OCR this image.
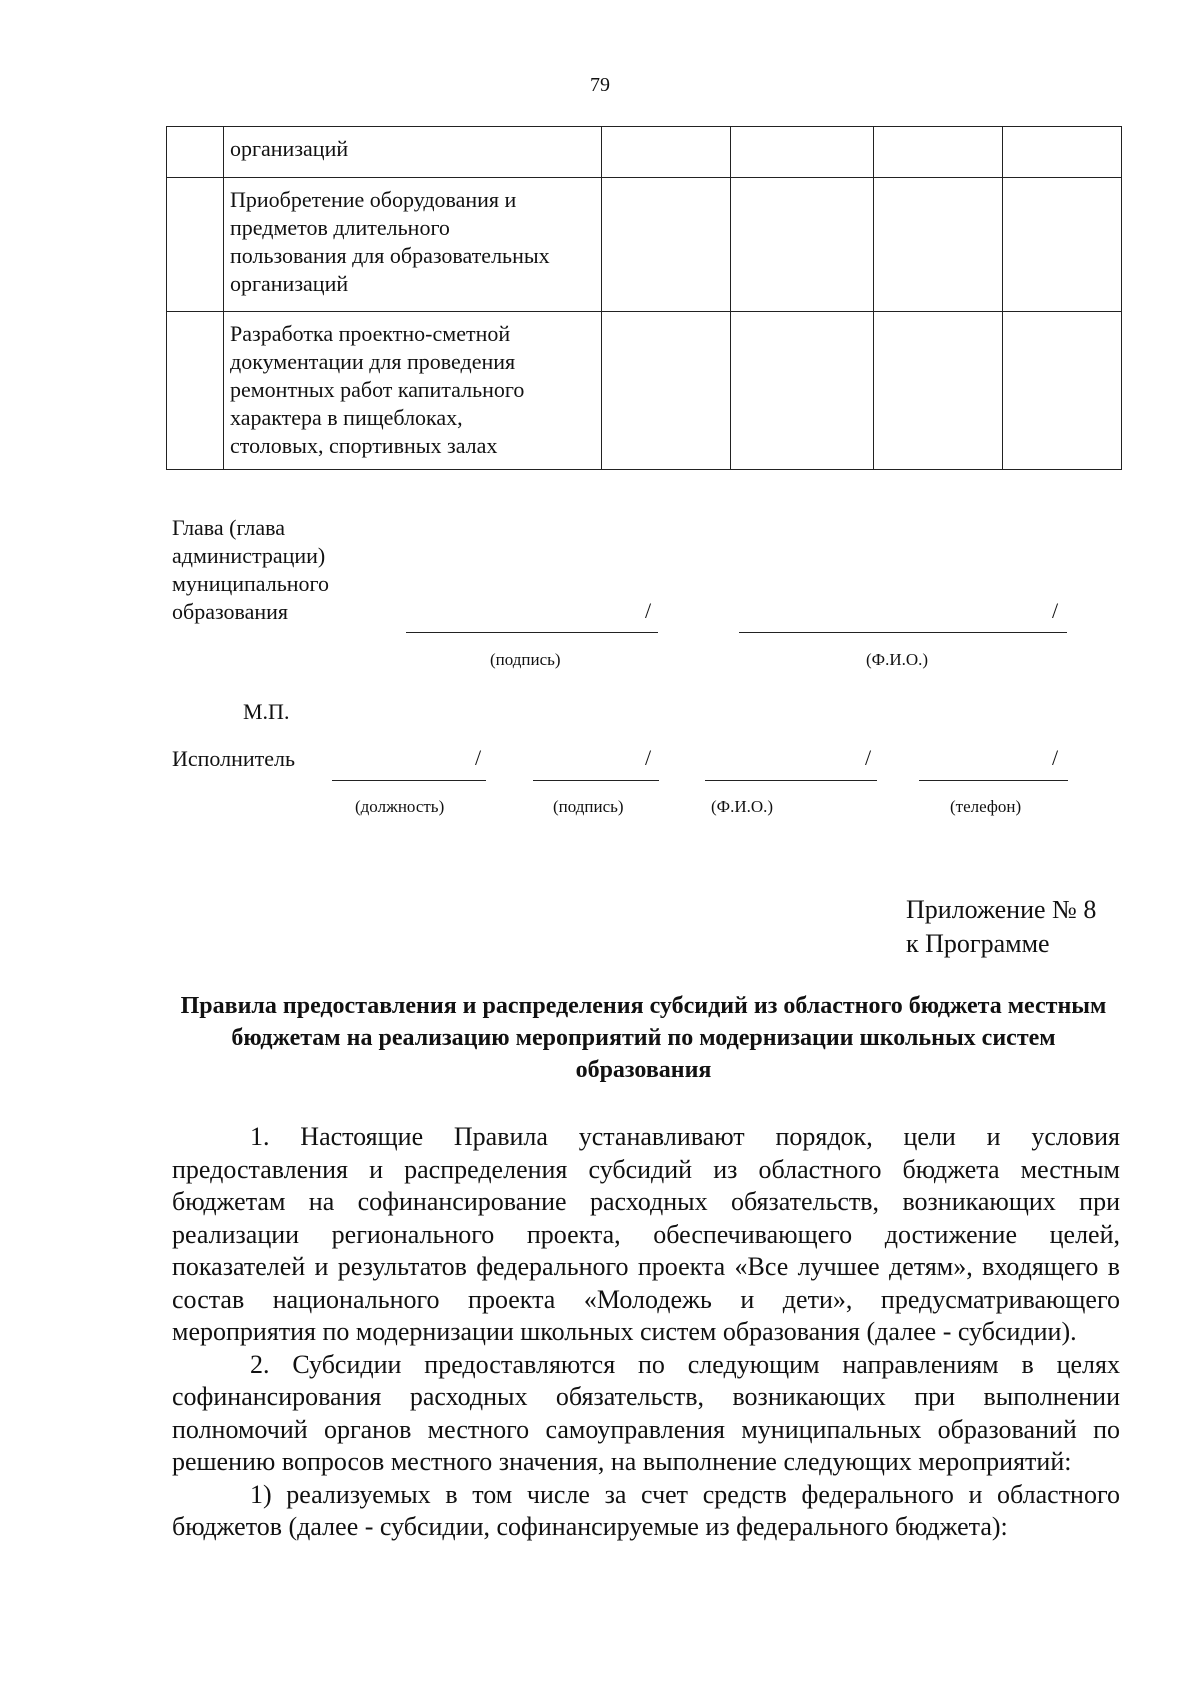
79

	организаций				

	Приобретение оборудования и
предметов длительного
пользования для образовательных
организаций				

	Разработка проектно-сметной
документации для проведения
ремонтных работ капитального
характера в пищеблоках,
столовых, спортивных залах				

Глава (глава
администрации)
муниципального
образования	/	/
(подпись)	(Ф.И.О.)
М.П.
Исполнитель	/	/	/	/
(должность)	(подпись)	(Ф.И.О.)	(телефон)
Приложение № 8
к Программе
Правила предоставления и распределения субсидий из областного бюджета местным бюджетам на реализацию мероприятий по модернизации школьных систем образования

1. Настоящие Правила устанавливают порядок, цели и условия предоставления и распределения субсидий из областного бюджета местным бюджетам на софинансирование расходных обязательств, возникающих при реализации регионального проекта, обеспечивающего достижение целей, показателей и результатов федерального проекта «Все лучшее детям», входящего в состав национального проекта «Молодежь и дети», предусматривающего мероприятия по модернизации школьных систем образования (далее - субсидии).

2. Субсидии предоставляются по следующим направлениям в целях софинансирования расходных обязательств, возникающих при выполнении полномочий органов местного самоуправления муниципальных образований по решению вопросов местного значения, на выполнение следующих мероприятий:

1) реализуемых в том числе за счет средств федерального и областного бюджетов (далее - субсидии, софинансируемые из федерального бюджета):
